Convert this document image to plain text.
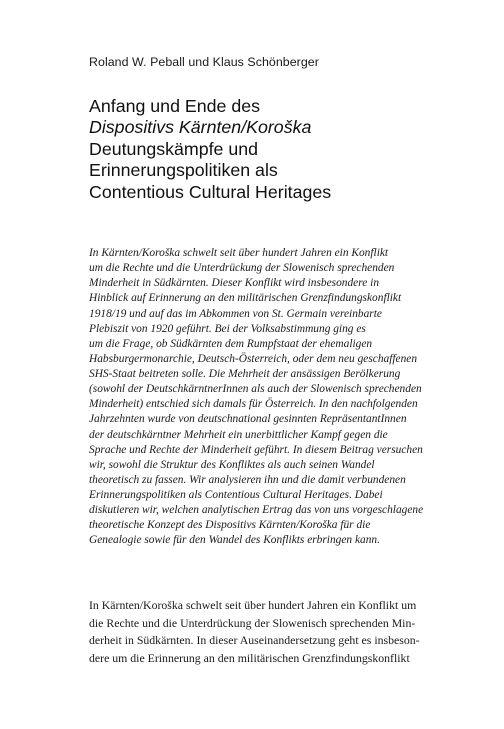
Roland W. Peball und Klaus Schönberger
Anfang und Ende des
Dispositivs Kärnten/Koroška
Deutungskämpfe und
Erinnerungspolitiken als
Contentious Cultural Heritages
In Kärnten/Koroška schwelt seit über hundert Jahren ein Konflikt
um die Rechte und die Unterdrückung der Slowenisch sprechenden
Minderheit in Südkärnten. Dieser Konflikt wird insbesondere in
Hinblick auf Erinnerung an den militärischen Grenzfindungskonflikt
1918/19 und auf das im Abkommen von St. Germain vereinbarte
Plebiszit von 1920 geführt. Bei der Volksabstimmung ging es
um die Frage, ob Südkärnten dem Rumpfstaat der ehemaligen
Habsburgermonarchie, Deutsch-Österreich, oder dem neu geschaffenen
SHS-Staat beitreten solle. Die Mehrheit der ansässigen Berölkerung
(sowohl der DeutschkärntnerInnen als auch der Slowenisch sprechenden
Minderheit) entschied sich damals für Österreich. In den nachfolgenden
Jahrzehnten wurde von deutschnational gesinnten RepräsentantInnen
der deutschkärntner Mehrheit ein unerbittlicher Kampf gegen die
Sprache und Rechte der Minderheit geführt. In diesem Beitrag versuchen
wir, sowohl die Struktur des Konfliktes als auch seinen Wandel
theoretisch zu fassen. Wir analysieren ihn und die damit verbundenen
Erinnerungspolitiken als Contentious Cultural Heritages. Dabei
diskutieren wir, welchen analytischen Ertrag das von uns vorgeschlagene
theoretische Konzept des Dispositivs Kärnten/Koroška für die
Genealogie sowie für den Wandel des Konflikts erbringen kann.
In Kärnten/Koroška schwelt seit über hundert Jahren ein Konflikt um
die Rechte und die Unterdrückung der Slowenisch sprechenden Min-
derheit in Südkärnten. In dieser Auseinandersetzung geht es insbeson-
dere um die Erinnerung an den militärischen Grenzfindungskonflikt
